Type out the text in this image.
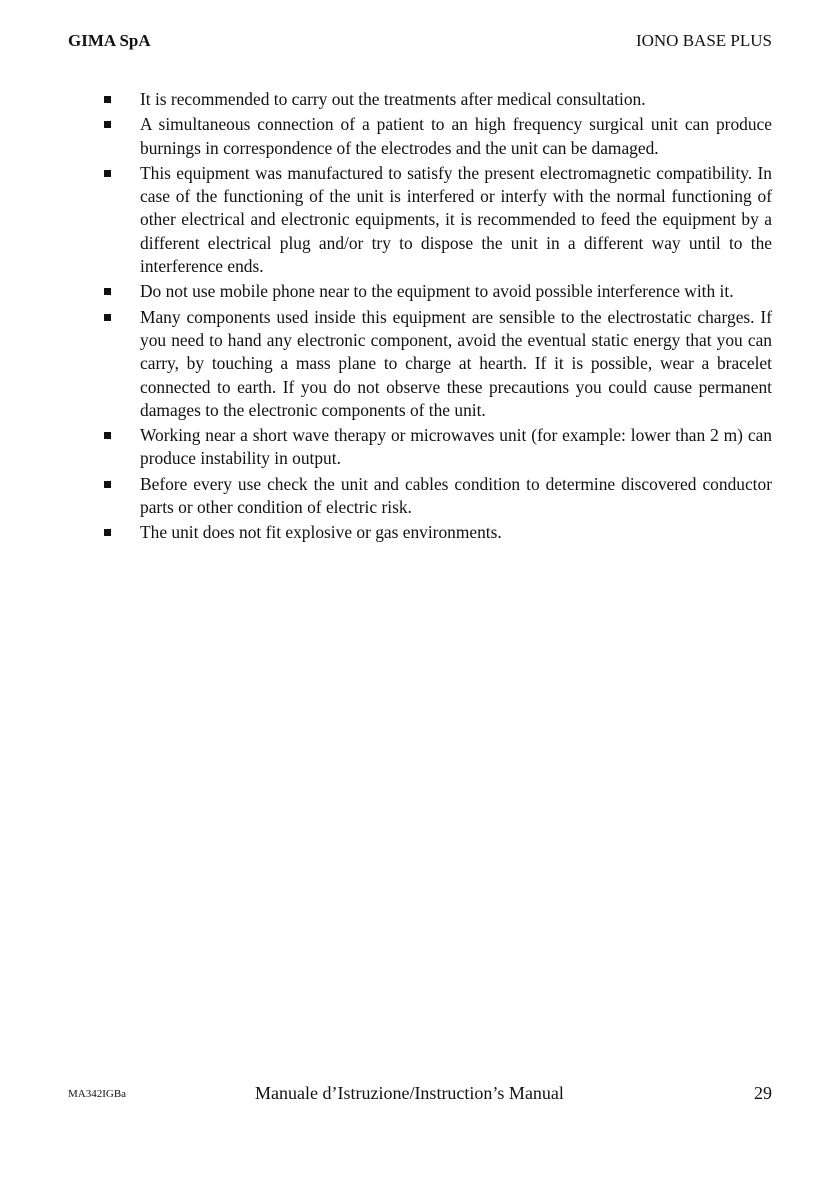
GIMA SpA	IONO BASE PLUS
It is recommended to carry out the treatments after medical consultation.
A simultaneous connection of a patient to an high frequency surgical unit can produce burnings in correspondence of the electrodes and the unit can be damaged.
This equipment was manufactured to satisfy the present electromagnetic compatibility. In case of the functioning of the unit is interfered or interfy with the normal functioning of other electrical and electronic equipments, it is recommended to feed the equipment by a different electrical plug and/or try to dispose the unit in a different way until to the interference ends.
Do not use mobile phone near to the equipment to avoid possible interference with it.
Many components used inside this equipment are sensible to the electrostatic charges. If you need to hand any electronic component, avoid the eventual static energy that you can carry, by touching a mass plane to charge at hearth. If it is possible, wear a bracelet connected to earth. If you do not observe these precautions you could cause permanent damages to the electronic components of the unit.
Working near a short wave therapy or microwaves unit (for example: lower than 2 m) can produce instability in output.
Before every use check the unit and cables condition to determine discovered conductor parts or other condition of electric risk.
The unit does not fit explosive or gas environments.
MA342IGBa	Manuale d’Istruzione/Instruction’s Manual	29
